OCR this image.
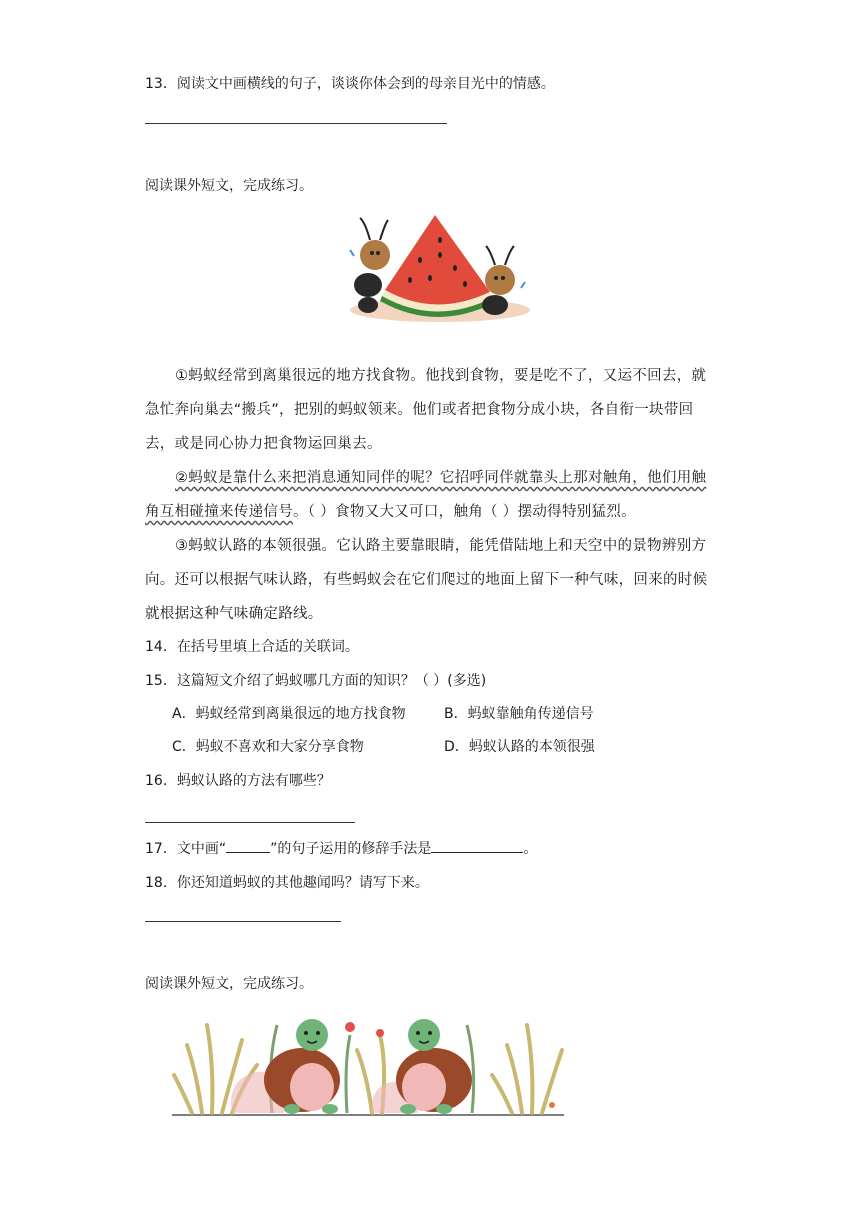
13．阅读文中画横线的句子，谈谈你体会到的母亲目光中的情感。
阅读课外短文，完成练习。
①蚂蚁经常到离巢很远的地方找食物。他找到食物，要是吃不了，又运不回去，就急忙奔向巢去“搬兵”，把别的蚂蚁领来。他们或者把食物分成小块，各自衔一块带回去，或是同心协力把食物运回巢去。
②蚂蚁是靠什么来把消息通知同伴的呢？它招呼同伴就靠头上那对触角，他们用触角互相碰撞来传递信号。（ ）食物又大又可口，触角（ ）摆动得特别猛烈。
③蚂蚁认路的本领很强。它认路主要靠眼睛，能凭借陆地上和天空中的景物辨别方向。还可以根据气味认路，有些蚂蚁会在它们爬过的地面上留下一种气味，回来的时候就根据这种气味确定路线。
14．在括号里填上合适的关联词。
15．这篇短文介绍了蚂蚁哪几方面的知识？（ ）(多选)
A．蚂蚁经常到离巢很远的地方找食物	B．蚂蚁靠触角传递信号
C．蚂蚁不喜欢和大家分享食物	D．蚂蚁认路的本领很强
16．蚂蚁认路的方法有哪些？
17．文中画“	”的句子运用的修辞手法是	。
18．你还知道蚂蚁的其他趣闻吗？请写下来。
阅读课外短文，完成练习。
